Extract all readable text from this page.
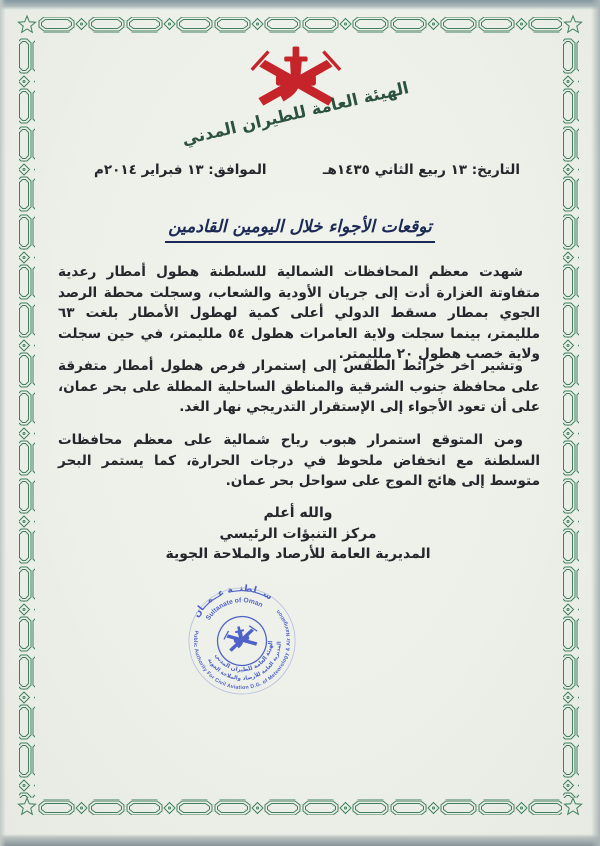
الهيئة العامة للطيران المدني
التاريخ: ١٣ ربيع الثاني ١٤٣٥هـ
الموافق: ١٣ فبراير ٢٠١٤م
توقعات الأجواء خلال اليومين القادمين

شهدت معظم المحافظات الشمالية للسلطنة هطول أمطار رعدية متفاوتة الغزارة أدت إلى جريان الأودية والشعاب، وسجلت محطة الرصد الجوي بمطار مسقط الدولي أعلى كمية لهطول الأمطار بلغت ٦٣ ملليمتر، بينما سجلت ولاية العامرات هطول ٥٤ ملليمتر، في حين سجلت ولاية خصب هطول ٢٠ ملليمتر.

وتشير اخر خرائط الطقس إلى إستمرار فرص هطول أمطار متفرقة على محافظة جنوب الشرقية والمناطق الساحلية المطلة على بحر عمان، على أن تعود الأجواء إلى الإستقرار التدريجي نهار الغد.

ومن المتوقع استمرار هبوب رياح شمالية على معظم محافظات السلطنة مع انخفاض ملحوظ في درجات الحرارة، كما يستمر البحر متوسط إلى هائج الموج على سواحل بحر عمان.

والله أعلم
مركز التنبؤات الرئيسي
المديرية العامة للأرصاد والملاحة الجوية
ســلطنــة عــمــان
Sultanate of Oman
الهيئة العامة للطيران المدني
المديرية العامة للأرصاد والملاحة الجوية
Public Authority For Civil Aviation D.G. of Meteorology & Air Navigation
